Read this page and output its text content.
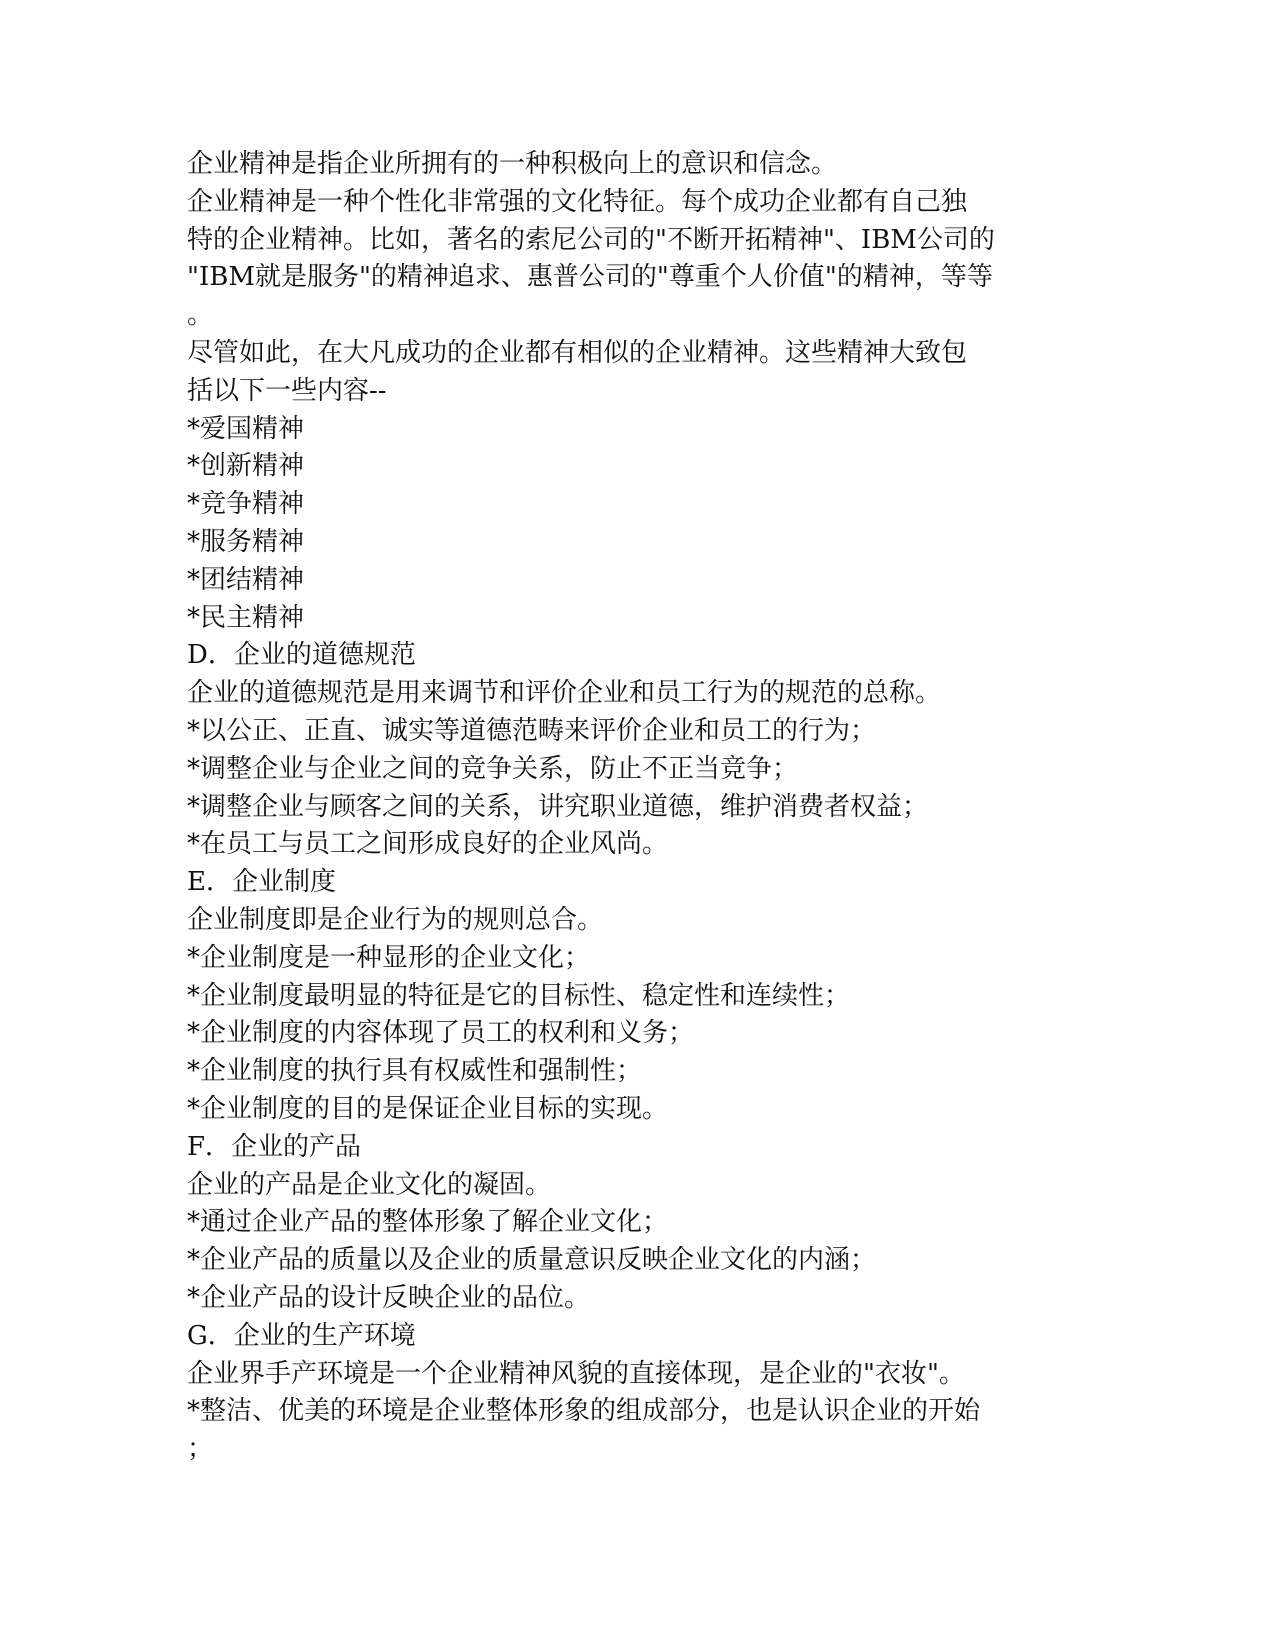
企业精神是指企业所拥有的一种积极向上的意识和信念。
企业精神是一种个性化非常强的文化特征。每个成功企业都有自己独
特的企业精神。比如，著名的索尼公司的"不断开拓精神"、IBM公司的
"IBM就是服务"的精神追求、惠普公司的"尊重个人价值"的精神，等等
。
尽管如此，在大凡成功的企业都有相似的企业精神。这些精神大致包
括以下一些内容--
*爱国精神
*创新精神
*竞争精神
*服务精神
*团结精神
*民主精神
D．企业的道德规范
企业的道德规范是用来调节和评价企业和员工行为的规范的总称。
*以公正、正直、诚实等道德范畴来评价企业和员工的行为；
*调整企业与企业之间的竞争关系，防止不正当竞争；
*调整企业与顾客之间的关系，讲究职业道德，维护消费者权益；
*在员工与员工之间形成良好的企业风尚。
E．企业制度
企业制度即是企业行为的规则总合。
*企业制度是一种显形的企业文化；
*企业制度最明显的特征是它的目标性、稳定性和连续性；
*企业制度的内容体现了员工的权利和义务；
*企业制度的执行具有权威性和强制性；
*企业制度的目的是保证企业目标的实现。
F．企业的产品
企业的产品是企业文化的凝固。
*通过企业产品的整体形象了解企业文化；
*企业产品的质量以及企业的质量意识反映企业文化的内涵；
*企业产品的设计反映企业的品位。
G．企业的生产环境
企业界手产环境是一个企业精神风貌的直接体现，是企业的"衣妆"。
*整洁、优美的环境是企业整体形象的组成部分，也是认识企业的开始
；
